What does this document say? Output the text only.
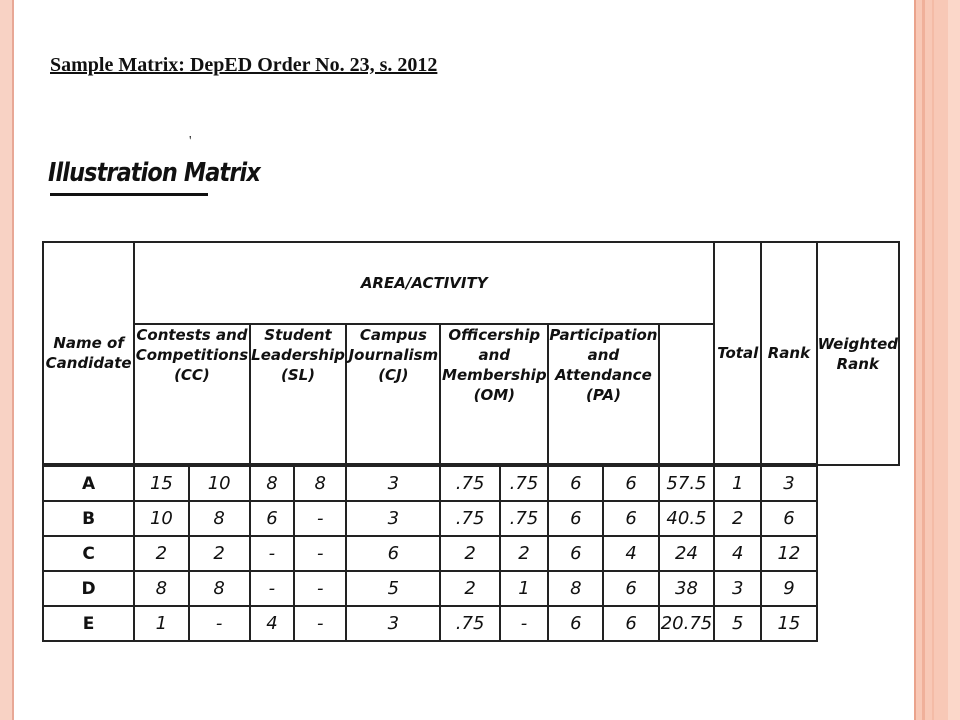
Sample Matrix: DepED Order No. 23, s. 2012
'
Illustration Matrix
Name of Candidate	AREA/ACTIVITY										Total	Rank	Weighted Rank
	Contests and Competitions (CC)		Student Leadership (SL)		Campus Journalism (CJ)	Officership and Membership (OM)		Participation and Attendance (PA)					
A	15	10	8	8	3	.75	.75	6	6	57.5	1	3	
B	10	8	6	-	3	.75	.75	6	6	40.5	2	6	
C	2	2	-	-	6	2	2	6	4	24	4	12	
D	8	8	-	-	5	2	1	8	6	38	3	9	
E	1	-	4	-	3	.75	-	6	6	20.75	5	15	
